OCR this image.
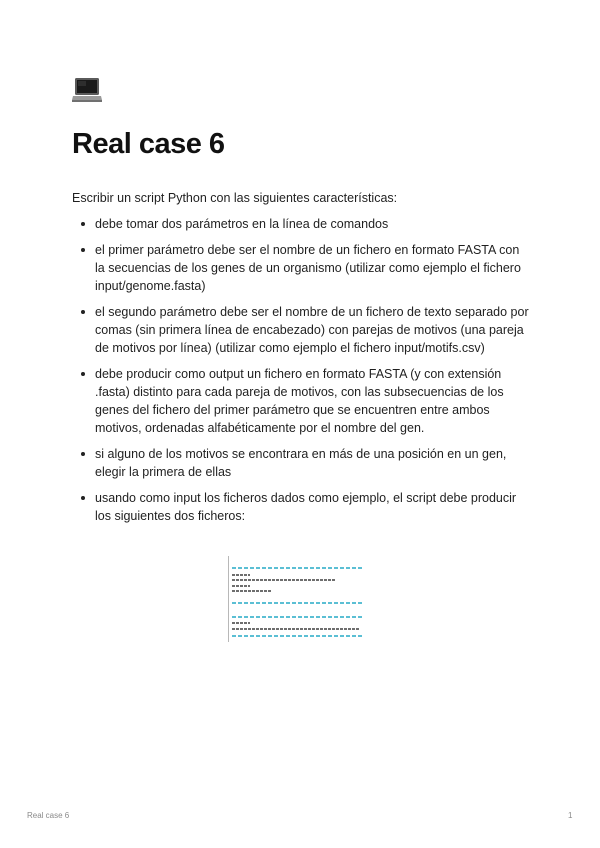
Real case 6

Escribir un script Python con las siguientes características:

debe tomar dos parámetros en la línea de comandos
el primer parámetro debe ser el nombre de un fichero en formato FASTA con la secuencias de los genes de un organismo (utilizar como ejemplo el fichero input/genome.fasta)
el segundo parámetro debe ser el nombre de un fichero de texto separado por comas (sin primera línea de encabezado) con parejas de motivos (una pareja de motivos por línea) (utilizar como ejemplo el fichero input/motifs.csv)
debe producir como output un fichero en formato FASTA (y con extensión .fasta) distinto para cada pareja de motivos, con las subsecuencias de los genes del fichero del primer parámetro que se encuentren entre ambos motivos, ordenadas alfabéticamente por el nombre del gen.
si alguno de los motivos se encontrara en más de una posición en un gen, elegir la primera de ellas
usando como input los ficheros dados como ejemplo, el script debe producir los siguientes dos ficheros:
Real case 6	1
